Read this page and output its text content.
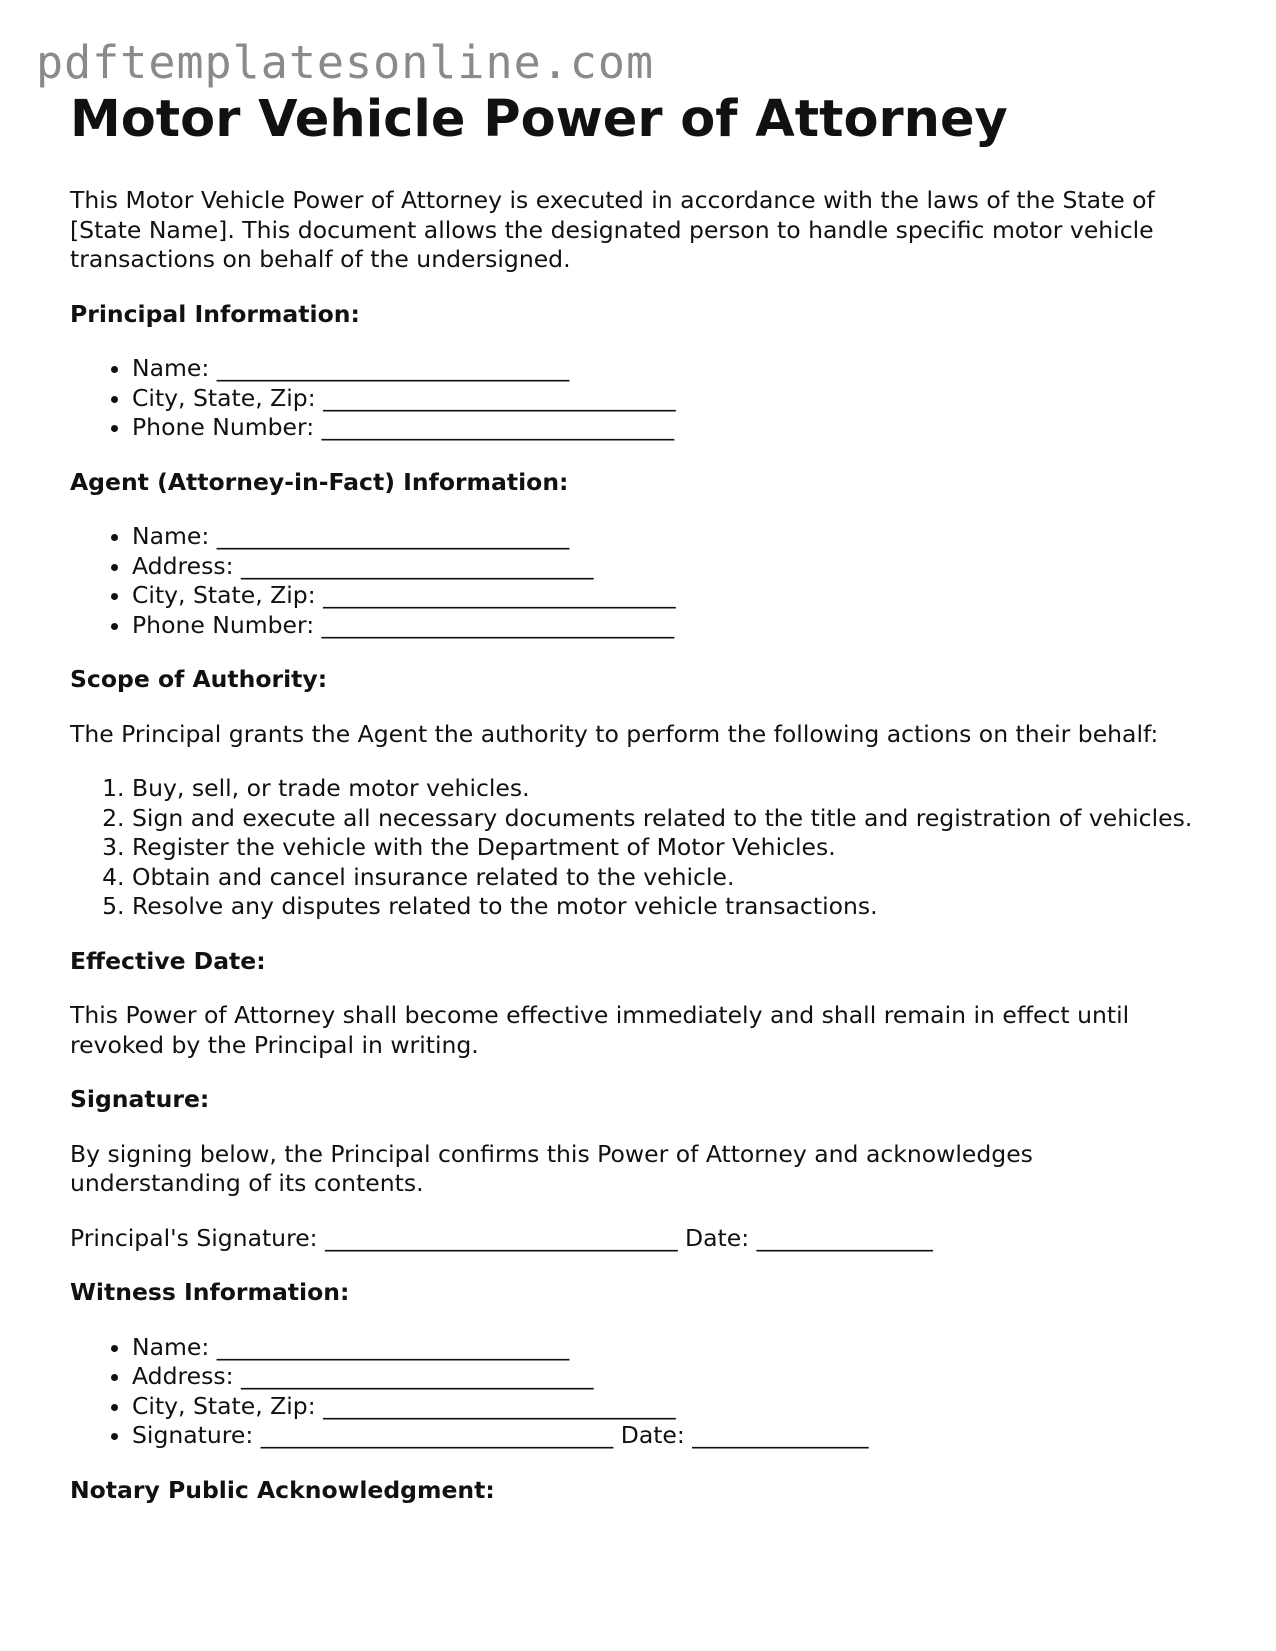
pdftemplatesonline.com
Motor Vehicle Power of Attorney

This Motor Vehicle Power of Attorney is executed in accordance with the laws of the State of [State Name]. This document allows the designated person to handle specific motor vehicle transactions on behalf of the undersigned.

Principal Information:
• Name: ______________________________
• City, State, Zip: ______________________________
• Phone Number: ______________________________
Agent (Attorney-in-Fact) Information:
• Name: ______________________________
• Address: ______________________________
• City, State, Zip: ______________________________
• Phone Number: ______________________________
Scope of Authority:

The Principal grants the Agent the authority to perform the following actions on their behalf:

1. Buy, sell, or trade motor vehicles.
2. Sign and execute all necessary documents related to the title and registration of vehicles.
3. Register the vehicle with the Department of Motor Vehicles.
4. Obtain and cancel insurance related to the vehicle.
5. Resolve any disputes related to the motor vehicle transactions.
Effective Date:

This Power of Attorney shall become effective immediately and shall remain in effect until revoked by the Principal in writing.

Signature:

By signing below, the Principal confirms this Power of Attorney and acknowledges understanding of its contents.

Principal's Signature: ______________________________ Date: _______________

Witness Information:
• Name: ______________________________
• Address: ______________________________
• City, State, Zip: ______________________________
• Signature: ______________________________ Date: _______________
Notary Public Acknowledgment:
